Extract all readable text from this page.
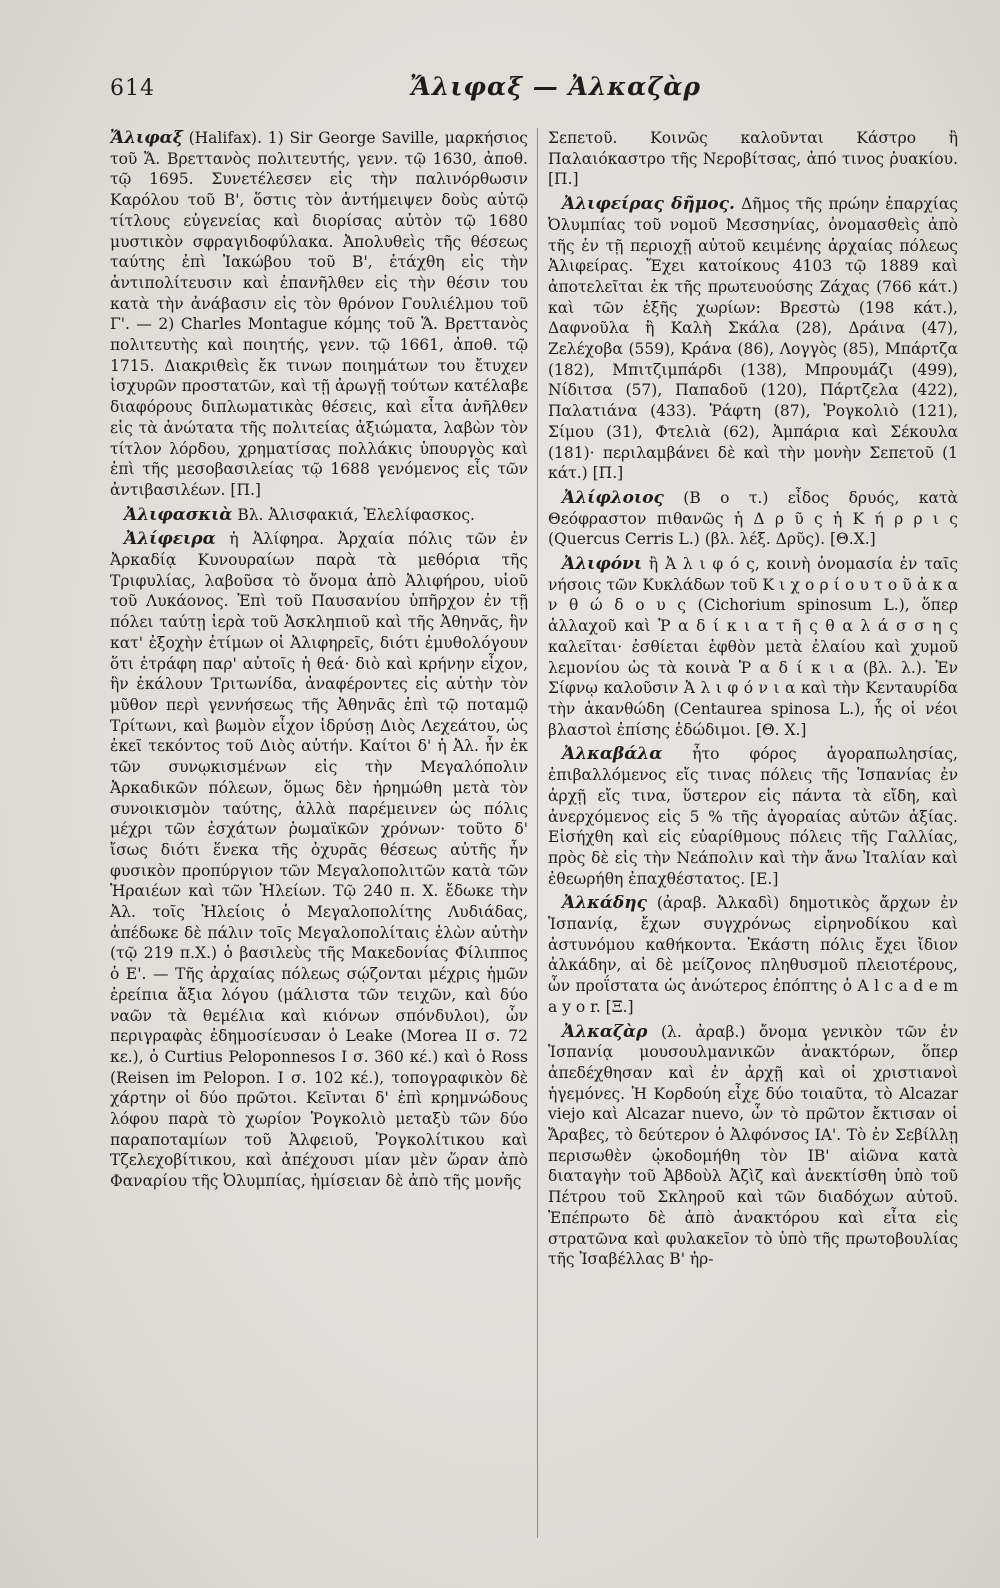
614	Ἄλιφαξ — Ἀλκαζὰρ

Ἄλιφαξ (Halifax). 1) Sir George Saville, μαρκήσιος τοῦ Ἄ. Βρεττανὸς πολιτευτής, γενν. τῷ 1630, ἀποθ. τῷ 1695. Συνετέλεσεν εἰς τὴν παλινόρθωσιν Καρόλου τοῦ Β', ὅστις τὸν ἀντήμειψεν δοὺς αὐτῷ τίτλους εὐγενείας καὶ διορίσας αὐτὸν τῷ 1680 μυστικὸν σφραγιδοφύλακα. Ἀπολυθεὶς τῆς θέσεως ταύτης ἐπὶ Ἰακώβου τοῦ Β', ἐτάχθη εἰς τὴν ἀντιπολίτευσιν καὶ ἐπανῆλθεν εἰς τὴν θέσιν του κατὰ τὴν ἀνάβασιν εἰς τὸν θρόνον Γουλιέλμου τοῦ Γ'. — 2) Charles Montague κόμης τοῦ Ἅ. Βρεττανὸς πολιτευτὴς καὶ ποιητής, γενν. τῷ 1661, ἀποθ. τῷ 1715. Διακριθεὶς ἔκ τινων ποιημάτων του ἔτυχεν ἰσχυρῶν προστατῶν, καὶ τῇ ἀρωγῇ τούτων κατέλαβε διαφόρους διπλωματικὰς θέσεις, καὶ εἶτα ἀνῆλθεν εἰς τὰ ἀνώτατα τῆς πολιτείας ἀξιώματα, λαβὼν τὸν τίτλον λόρδου, χρηματίσας πολλάκις ὑπουργὸς καὶ ἐπὶ τῆς μεσοβασιλείας τῷ 1688 γενόμενος εἷς τῶν ἀντιβασιλέων. [Π.]

Ἀλιφασκιὰ Βλ. Ἀλισφακιά, Ἐλελίφασκος.

Ἀλίφειρα ἡ Ἀλίφηρα. Ἀρχαία πόλις τῶν ἐν Ἀρκαδίᾳ Κυνουραίων παρὰ τὰ μεθόρια τῆς Τριφυλίας, λαβοῦσα τὸ ὄνομα ἀπὸ Ἀλιφήρου, υἱοῦ τοῦ Λυκάονος. Ἐπὶ τοῦ Παυσανίου ὑπῆρχον ἐν τῇ πόλει ταύτῃ ἱερὰ τοῦ Ἀσκληπιοῦ καὶ τῆς Ἀθηνᾶς, ἣν κατ' ἐξοχὴν ἐτίμων οἱ Ἀλιφηρεῖς, διότι ἐμυθολόγουν ὅτι ἐτράφη παρ' αὐτοῖς ἡ θεά· διὸ καὶ κρήνην εἶχον, ἣν ἐκάλουν Τριτωνίδα, ἀναφέροντες εἰς αὐτὴν τὸν μῦθον περὶ γεννήσεως τῆς Ἀθηνᾶς ἐπὶ τῷ ποταμῷ Τρίτωνι, καὶ βωμὸν εἶχον ἱδρύσῃ Διὸς Λεχεάτου, ὡς ἐκεῖ τεκόντος τοῦ Διὸς αὐτήν. Καίτοι δ' ἡ Ἀλ. ἦν ἐκ τῶν συνῳκισμένων εἰς τὴν Μεγαλόπολιν Ἀρκαδικῶν πόλεων, ὅμως δὲν ἠρημώθη μετὰ τὸν συνοικισμὸν ταύτης, ἀλλὰ παρέμεινεν ὡς πόλις μέχρι τῶν ἐσχάτων ῥωμαϊκῶν χρόνων· τοῦτο δ' ἴσως διότι ἕνεκα τῆς ὀχυρᾶς θέσεως αὐτῆς ἦν φυσικὸν προπύργιον τῶν Μεγαλοπολιτῶν κατὰ τῶν Ἡραιέων καὶ τῶν Ἠλείων. Τῷ 240 π. Χ. ἔδωκε τὴν Ἀλ. τοῖς Ἠλείοις ὁ Μεγαλοπολίτης Λυδιάδας, ἀπέδωκε δὲ πάλιν τοῖς Μεγαλοπολίταις ἑλὼν αὐτὴν (τῷ 219 π.Χ.) ὁ βασιλεὺς τῆς Μακεδονίας Φίλιππος ὁ Ε'. — Τῆς ἀρχαίας πόλεως σῴζονται μέχρις ἡμῶν ἐρείπια ἄξια λόγου (μάλιστα τῶν τειχῶν, καὶ δύο ναῶν τὰ θεμέλια καὶ κιόνων σπόνδυλοι), ὧν περιγραφὰς ἐδημοσίευσαν ὁ Leake (Morea II σ. 72 κε.), ὁ Curtius Peloponnesos I σ. 360 κέ.) καὶ ὁ Ross (Reisen im Pelopon. I σ. 102 κέ.), τοπογραφικὸν δὲ χάρτην οἱ δύο πρῶτοι. Κεῖνται δ' ἐπὶ κρημνώδους λόφου παρὰ τὸ χωρίον Ῥογκολιὸ μεταξὺ τῶν δύο παραποταμίων τοῦ Ἀλφειοῦ, Ῥογκολίτικου καὶ Τζελεχοβίτικου, καὶ ἀπέχουσι μίαν μὲν ὥραν ἀπὸ Φαναρίου τῆς Ὀλυμπίας, ἡμίσειαν δὲ ἀπὸ τῆς μονῆς

Σεπετοῦ. Κοινῶς καλοῦνται Κάστρο ἢ Παλαιόκαστρο τῆς Νεροβίτσας, ἀπό τινος ῥυακίου. [Π.]

Ἀλιφείρας δῆμος. Δῆμος τῆς πρώην ἐπαρχίας Ὀλυμπίας τοῦ νομοῦ Μεσσηνίας, ὀνομασθεὶς ἀπὸ τῆς ἐν τῇ περιοχῇ αὐτοῦ κειμένης ἀρχαίας πόλεως Ἀλιφείρας. Ἔχει κατοίκους 4103 τῷ 1889 καὶ ἀποτελεῖται ἐκ τῆς πρωτευούσης Ζάχας (766 κάτ.) καὶ τῶν ἑξῆς χωρίων: Βρεστὼ (198 κάτ.), Δαφνοῦλα ἢ Καλὴ Σκάλα (28), Δράινα (47), Ζελέχοβα (559), Κράνα (86), Λογγὸς (85), Μπάρτζα (182), Μπιτζιμπάρδι (138), Μπρουμάζι (499), Νίδιτσα (57), Παπαδοῦ (120), Πάρτζελα (422), Παλατιάνα (433). Ῥάφτη (87), Ῥογκολιὸ (121), Σίμου (31), Φτελιὰ (62), Ἀμπάρια καὶ Σέκουλα (181)· περιλαμβάνει δὲ καὶ τὴν μονὴν Σεπετοῦ (1 κάτ.) [Π.]

Ἀλίφλοιος (Β ο τ.) εἶδος δρυός, κατὰ Θεόφραστον πιθανῶς ἡ Δ ρ ῦ ς ἡ Κ ή ρ ρ ι ς (Quercus Cerris L.) (βλ. λέξ. Δρῦς). [Θ.Χ.]

Ἀλιφόνι ἢ Ἀ λ ι φ ό ς, κοινὴ ὀνομασία ἐν ταῖς νήσοις τῶν Κυκλάδων τοῦ Κ ι χ ο ρ ί ο υ τ ο ῦ ἀ κ α ν θ ώ δ ο υ ς (Cichorium spinosum L.), ὅπερ ἀλλαχοῦ καὶ Ῥ α δ ί κ ι α τ ῆ ς θ α λ ά σ σ η ς καλεῖται· ἐσθίεται ἑφθὸν μετὰ ἐλαίου καὶ χυμοῦ λεμονίου ὡς τὰ κοινὰ Ῥ α δ ί κ ι α (βλ. λ.). Ἐν Σίφνῳ καλοῦσιν Ἀ λ ι φ ό ν ι α καὶ τὴν Κενταυρίδα τὴν ἀκανθώδη (Centaurea spinosa L.), ἧς οἱ νέοι βλαστοὶ ἐπίσης ἐδώδιμοι. [Θ. Χ.]

Ἀλκαβάλα ἦτο φόρος ἀγοραπωλησίας, ἐπιβαλλόμενος εἴς τινας πόλεις τῆς Ἱσπανίας ἐν ἀρχῇ εἴς τινα, ὕστερον εἰς πάντα τὰ εἴδη, καὶ ἀνερχόμενος εἰς 5 % τῆς ἀγοραίας αὐτῶν ἀξίας. Εἰσήχθη καὶ εἰς εὐαρίθμους πόλεις τῆς Γαλλίας, πρὸς δὲ εἰς τὴν Νεάπολιν καὶ τὴν ἄνω Ἰταλίαν καὶ ἐθεωρήθη ἐπαχθέστατος. [Ε.]

Ἀλκάδης (ἀραβ. Ἀλκαδὶ) δημοτικὸς ἄρχων ἐν Ἱσπανίᾳ, ἔχων συγχρόνως εἰρηνοδίκου καὶ ἀστυνόμου καθήκοντα. Ἑκάστη πόλις ἔχει ἴδιον ἀλκάδην, αἱ δὲ μείζονος πληθυσμοῦ πλειοτέρους, ὧν προΐστατα ὡς ἀνώτερος ἐπόπτης ὁ A l c a d e m a y o r. [Ξ.]

Ἀλκαζὰρ (λ. ἀραβ.) ὄνομα γενικὸν τῶν ἐν Ἱσπανίᾳ μουσουλμανικῶν ἀνακτόρων, ὅπερ ἀπεδέχθησαν καὶ ἐν ἀρχῇ καὶ οἱ χριστιανοὶ ἡγεμόνες. Ἡ Κορδούη εἶχε δύο τοιαῦτα, τὸ Alcazar viejo καὶ Alcazar nuevo, ὧν τὸ πρῶτον ἔκτισαν οἱ Ἄραβες, τὸ δεύτερον ὁ Ἀλφόνσος ΙΑ'. Τὸ ἐν Σεβίλλῃ περισωθὲν ᾠκοδομήθη τὸν ΙΒ' αἰῶνα κατὰ διαταγὴν τοῦ Ἀβδοὺλ Ἀζὶζ καὶ ἀνεκτίσθη ὑπὸ τοῦ Πέτρου τοῦ Σκληροῦ καὶ τῶν διαδόχων αὐτοῦ. Ἐπέπρωτο δὲ ἀπὸ ἀνακτόρου καὶ εἶτα εἰς στρατῶνα καὶ φυλακεῖον τὸ ὑπὸ τῆς πρωτοβουλίας τῆς Ἰσαβέλλας Β' ἠρ-
